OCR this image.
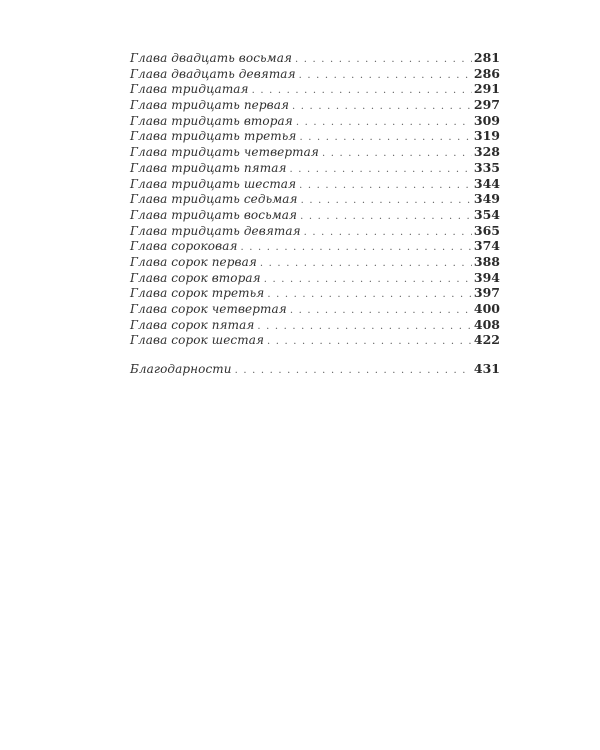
Глава двадцать восьмая . . .	281
Глава двадцать девятая . . .	286
Глава тридцатая . . .	291
Глава тридцать первая . . .	297
Глава тридцать вторая . . .	309
Глава тридцать третья . . .	319
Глава тридцать четвертая . . .	328
Глава тридцать пятая . . .	335
Глава тридцать шестая . . .	344
Глава тридцать седьмая . . .	349
Глава тридцать восьмая . . .	354
Глава тридцать девятая . . .	365
Глава сороковая . . .	374
Глава сорок первая . . .	388
Глава сорок вторая . . .	394
Глава сорок третья . . .	397
Глава сорок четвертая . . .	400
Глава сорок пятая . . .	408
Глава сорок шестая . . .	422
Благодарности . . .	431
